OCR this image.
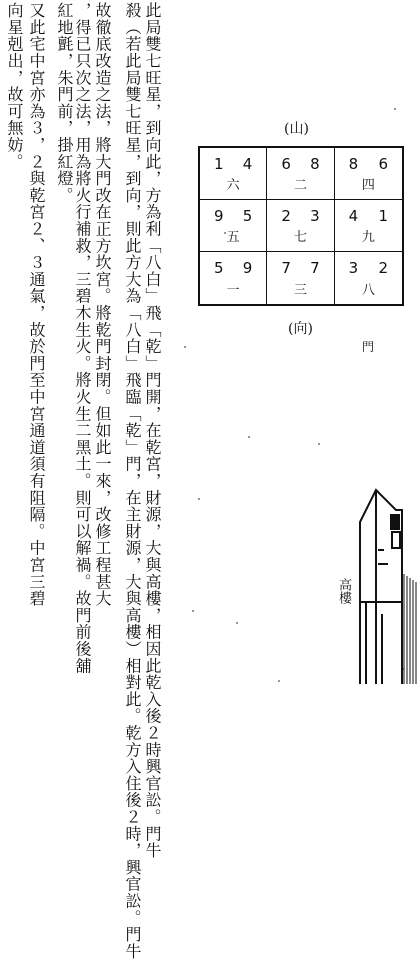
殺（若此局雙七旺星，到向，則此方大為「八白」飛臨「乾」門，在主財源，大與高樓）相對此。乾方入住後２時，興官訟。門牛 此局雙七旺星，到向此，方為利「八白」飛「乾」門開，在乾宮，財源，大與高樓，相因此乾入後２時興官訟。門牛
故徹底改造之法，將大門改在正方坎宮。將乾門封閉。但如此一來，改修工程甚大
，得已只次之法，用為將火行補救，三碧木生火。將火生二黑土。則可以解禍。故門前後舖
紅地氈，朱門前，掛紅燈。
又此宅中宮亦為３，２與乾宮２、３通氣，故於門至中宮通道須有阻隔。中宮三碧
向星剋出，故可無妨。	(山)
1 4
六
6 8
二
8 6
四
9 5
五
2 3
七
4 1
九
5 9
一
7 7
三
3 2
八
(向)
門
高樓
